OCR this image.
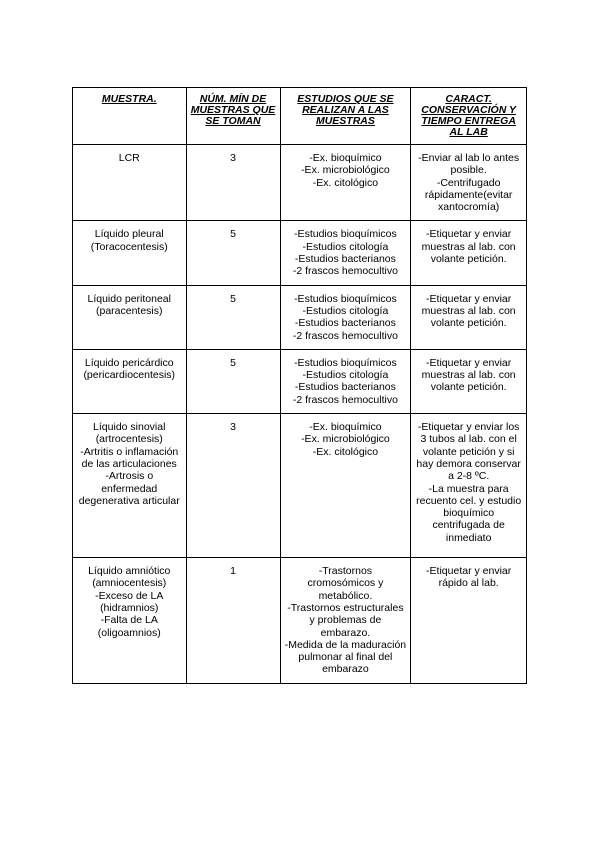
MUESTRA.	NÚM. MÍN DE MUESTRAS QUE SE TOMAN	ESTUDIOS QUE SE REALIZAN A LAS MUESTRAS	CARACT. CONSERVACIÓN Y TIEMPO ENTREGA AL LAB

LCR	3	-Ex. bioquímico
-Ex. microbiológico
-Ex. citológico	-Enviar al lab lo antes posible.
-Centrifugado rápidamente(evitar xantocromía)

Líquido pleural (Toracocentesis)	5	-Estudios bioquímicos
-Estudios citología
-Estudios bacterianos
-2 frascos hemocultivo	-Etiquetar y enviar muestras al lab. con volante petición.

Líquido peritoneal (paracentesis)	5	-Estudios bioquímicos
-Estudios citología
-Estudios bacterianos
-2 frascos hemocultivo	-Etiquetar y enviar muestras al lab. con volante petición.

Líquido pericárdico (pericardiocentesis)	5	-Estudios bioquímicos
-Estudios citología
-Estudios bacterianos
-2 frascos hemocultivo	-Etiquetar y enviar muestras al lab. con volante petición.

Líquido sinovial (artrocentesis)
-Artritis o inflamación de las articulaciones
-Artrosis o enfermedad degenerativa articular	3	-Ex. bioquímico
-Ex. microbiológico
-Ex. citológico	-Etiquetar y enviar los 3 tubos al lab. con el volante petición y si hay demora conservar a 2-8 ºC.
-La muestra para recuento cel. y estudio bioquímico centrifugada de inmediato

Líquido amniótico (amniocentesis)
-Exceso de LA (hidramnios)
-Falta de LA (oligoamnios)	1	-Trastornos cromosómicos y metabólico.
-Trastornos estructurales y problemas de embarazo.
-Medida de la maduración pulmonar al final del embarazo	-Etiquetar y enviar rápido al lab.
